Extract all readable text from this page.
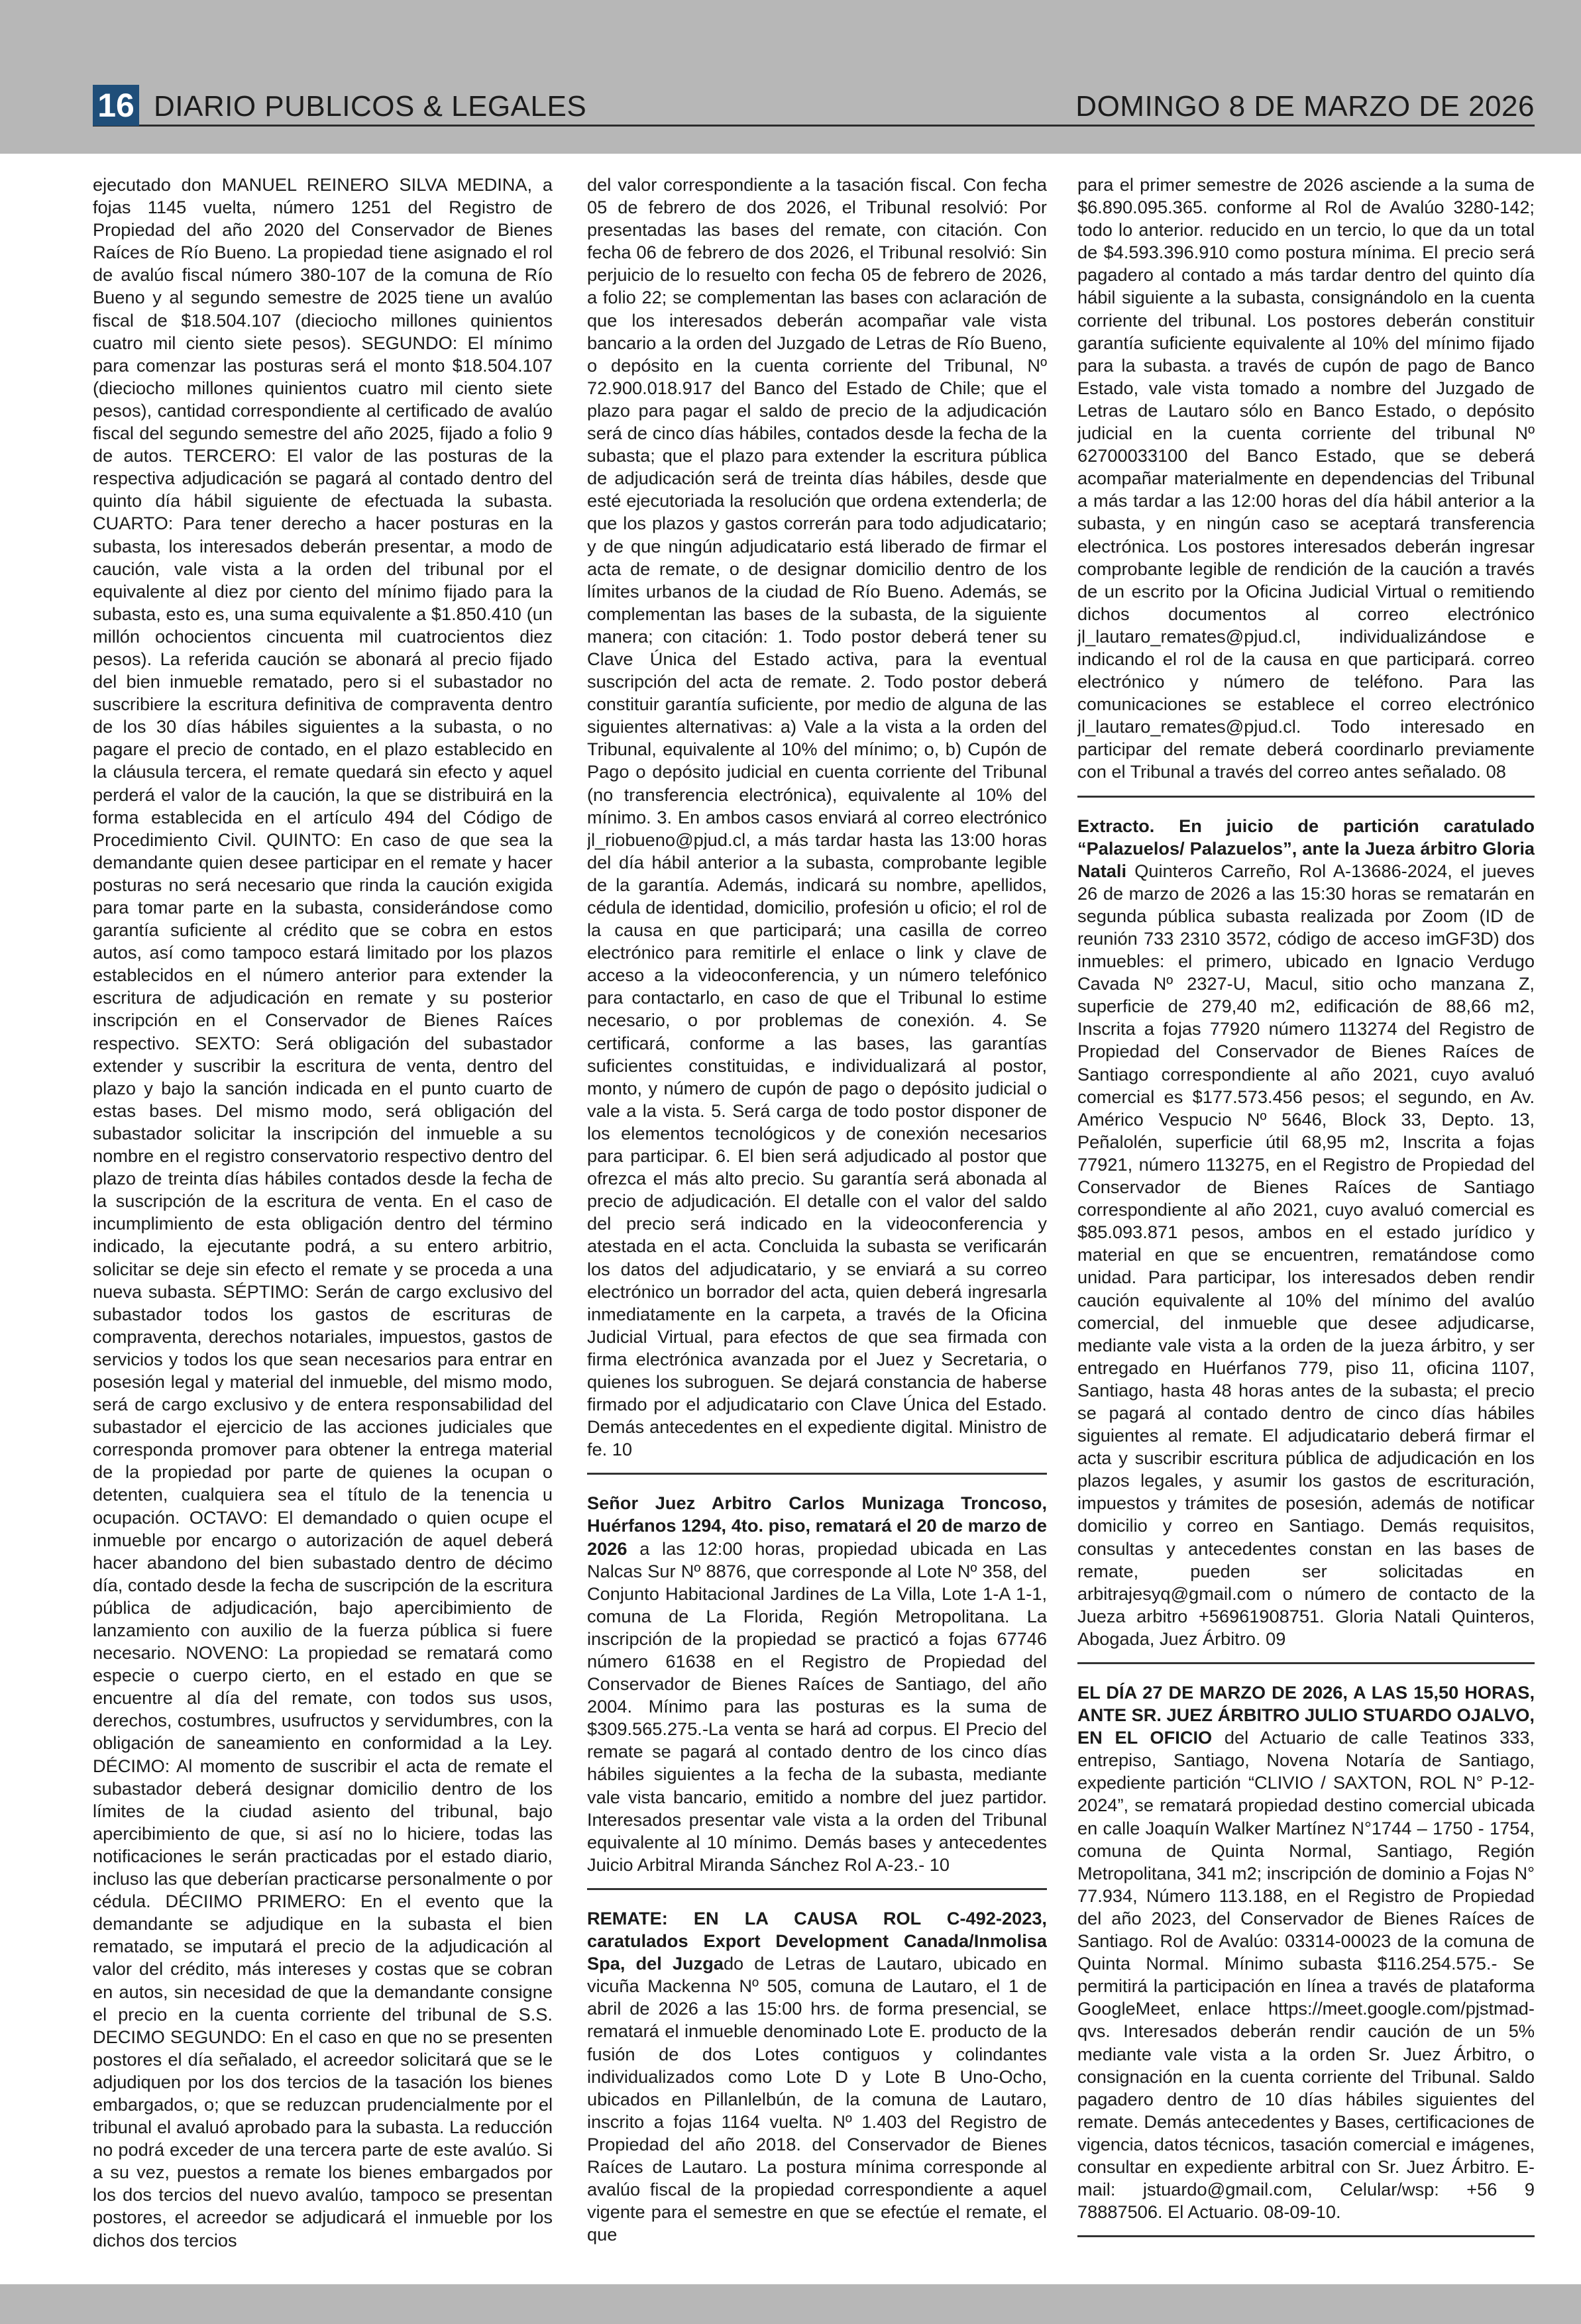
16 DIARIO PUBLICOS & LEGALES	DOMINGO 8 DE MARZO DE 2026

ejecutado don MANUEL REINERO SILVA MEDINA, a fojas 1145 vuelta, número 1251 del Registro de Propiedad del año 2020 del Conservador de Bienes Raíces de Río Bueno. La propiedad tiene asignado el rol de avalúo fiscal número 380-107 de la comuna de Río Bueno y al segundo semestre de 2025 tiene un avalúo fiscal de $18.504.107 (dieciocho millones quinientos cuatro mil ciento siete pesos). SEGUNDO: El mínimo para comenzar las posturas será el monto $18.504.107 (dieciocho millones quinientos cuatro mil ciento siete pesos), cantidad correspondiente al certificado de avalúo fiscal del segundo semestre del año 2025, fijado a folio 9 de autos. TERCERO: El valor de las posturas de la respectiva adjudicación se pagará al contado dentro del quinto día hábil siguiente de efectuada la subasta. CUARTO: Para tener derecho a hacer posturas en la subasta, los interesados deberán presentar, a modo de caución, vale vista a la orden del tribunal por el equivalente al diez por ciento del mínimo fijado para la subasta, esto es, una suma equivalente a $1.850.410 (un millón ochocientos cincuenta mil cuatrocientos diez pesos). La referida caución se abonará al precio fijado del bien inmueble rematado, pero si el subastador no suscribiere la escritura definitiva de compraventa dentro de los 30 días hábiles siguientes a la subasta, o no pagare el precio de contado, en el plazo establecido en la cláusula tercera, el remate quedará sin efecto y aquel perderá el valor de la caución, la que se distribuirá en la forma establecida en el artículo 494 del Código de Procedimiento Civil. QUINTO: En caso de que sea la demandante quien desee participar en el remate y hacer posturas no será necesario que rinda la caución exigida para tomar parte en la subasta, considerándose como garantía suficiente al crédito que se cobra en estos autos, así como tampoco estará limitado por los plazos establecidos en el número anterior para extender la escritura de adjudicación en remate y su posterior inscripción en el Conservador de Bienes Raíces respectivo. SEXTO: Será obligación del subastador extender y suscribir la escritura de venta, dentro del plazo y bajo la sanción indicada en el punto cuarto de estas bases. Del mismo modo, será obligación del subastador solicitar la inscripción del inmueble a su nombre en el registro conservatorio respectivo dentro del plazo de treinta días hábiles contados desde la fecha de la suscripción de la escritura de venta. En el caso de incumplimiento de esta obligación dentro del término indicado, la ejecutante podrá, a su entero arbitrio, solicitar se deje sin efecto el remate y se proceda a una nueva subasta. SÉPTIMO: Serán de cargo exclusivo del subastador todos los gastos de escrituras de compraventa, derechos notariales, impuestos, gastos de servicios y todos los que sean necesarios para entrar en posesión legal y material del inmueble, del mismo modo, será de cargo exclusivo y de entera responsabilidad del subastador el ejercicio de las acciones judiciales que corresponda promover para obtener la entrega material de la propiedad por parte de quienes la ocupan o detenten, cualquiera sea el título de la tenencia u ocupación. OCTAVO: El demandado o quien ocupe el inmueble por encargo o autorización de aquel deberá hacer abandono del bien subastado dentro de décimo día, contado desde la fecha de suscripción de la escritura pública de adjudicación, bajo apercibimiento de lanzamiento con auxilio de la fuerza pública si fuere necesario. NOVENO: La propiedad se rematará como especie o cuerpo cierto, en el estado en que se encuentre al día del remate, con todos sus usos, derechos, costumbres, usufructos y servidumbres, con la obligación de saneamiento en conformidad a la Ley. DÉCIMO: Al momento de suscribir el acta de remate el subastador deberá designar domicilio dentro de los límites de la ciudad asiento del tribunal, bajo apercibimiento de que, si así no lo hiciere, todas las notificaciones le serán practicadas por el estado diario, incluso las que deberían practicarse personalmente o por cédula. DÉCIIMO PRIMERO: En el evento que la demandante se adjudique en la subasta el bien rematado, se imputará el precio de la adjudicación al valor del crédito, más intereses y costas que se cobran en autos, sin necesidad de que la demandante consigne el precio en la cuenta corriente del tribunal de S.S. DECIMO SEGUNDO: En el caso en que no se presenten postores el día señalado, el acreedor solicitará que se le adjudiquen por los dos tercios de la tasación los bienes embargados, o; que se reduzcan prudencialmente por el tribunal el avaluó aprobado para la subasta. La reducción no podrá exceder de una tercera parte de este avalúo. Si a su vez, puestos a remate los bienes embargados por los dos tercios del nuevo avalúo, tampoco se presentan postores, el acreedor se adjudicará el inmueble por los dichos dos tercios

del valor correspondiente a la tasación fiscal. Con fecha 05 de febrero de dos 2026, el Tribunal resolvió: Por presentadas las bases del remate, con citación. Con fecha 06 de febrero de dos 2026, el Tribunal resolvió: Sin perjuicio de lo resuelto con fecha 05 de febrero de 2026, a folio 22; se complementan las bases con aclaración de que los interesados deberán acompañar vale vista bancario a la orden del Juzgado de Letras de Río Bueno, o depósito en la cuenta corriente del Tribunal, Nº 72.900.018.917 del Banco del Estado de Chile; que el plazo para pagar el saldo de precio de la adjudicación será de cinco días hábiles, contados desde la fecha de la subasta; que el plazo para extender la escritura pública de adjudicación será de treinta días hábiles, desde que esté ejecutoriada la resolución que ordena extenderla; de que los plazos y gastos correrán para todo adjudicatario; y de que ningún adjudicatario está liberado de firmar el acta de remate, o de designar domicilio dentro de los límites urbanos de la ciudad de Río Bueno. Además, se complementan las bases de la subasta, de la siguiente manera; con citación: 1. Todo postor deberá tener su Clave Única del Estado activa, para la eventual suscripción del acta de remate. 2. Todo postor deberá constituir garantía suficiente, por medio de alguna de las siguientes alternativas: a) Vale a la vista a la orden del Tribunal, equivalente al 10% del mínimo; o, b) Cupón de Pago o depósito judicial en cuenta corriente del Tribunal (no transferencia electrónica), equivalente al 10% del mínimo. 3. En ambos casos enviará al correo electrónico jl_riobueno@pjud.cl, a más tardar hasta las 13:00 horas del día hábil anterior a la subasta, comprobante legible de la garantía. Además, indicará su nombre, apellidos, cédula de identidad, domicilio, profesión u oficio; el rol de la causa en que participará; una casilla de correo electrónico para remitirle el enlace o link y clave de acceso a la videoconferencia, y un número telefónico para contactarlo, en caso de que el Tribunal lo estime necesario, o por problemas de conexión. 4. Se certificará, conforme a las bases, las garantías suficientes constituidas, e individualizará al postor, monto, y número de cupón de pago o depósito judicial o vale a la vista. 5. Será carga de todo postor disponer de los elementos tecnológicos y de conexión necesarios para participar. 6. El bien será adjudicado al postor que ofrezca el más alto precio. Su garantía será abonada al precio de adjudicación. El detalle con el valor del saldo del precio será indicado en la videoconferencia y atestada en el acta. Concluida la subasta se verificarán los datos del adjudicatario, y se enviará a su correo electrónico un borrador del acta, quien deberá ingresarla inmediatamente en la carpeta, a través de la Oficina Judicial Virtual, para efectos de que sea firmada con firma electrónica avanzada por el Juez y Secretaria, o quienes los subroguen. Se dejará constancia de haberse firmado por el adjudicatario con Clave Única del Estado. Demás antecedentes en el expediente digital. Ministro de fe. 10

Señor Juez Arbitro Carlos Munizaga Troncoso, Huérfanos 1294, 4to. piso, rematará el 20 de marzo de 2026 a las 12:00 horas, propiedad ubicada en Las Nalcas Sur Nº 8876, que corresponde al Lote Nº 358, del Conjunto Habitacional Jardines de La Villa, Lote 1-A 1-1, comuna de La Florida, Región Metropolitana. La inscripción de la propiedad se practicó a fojas 67746 número 61638 en el Registro de Propiedad del Conservador de Bienes Raíces de Santiago, del año 2004. Mínimo para las posturas es la suma de $309.565.275.-La venta se hará ad corpus. El Precio del remate se pagará al contado dentro de los cinco días hábiles siguientes a la fecha de la subasta, mediante vale vista bancario, emitido a nombre del juez partidor. Interesados presentar vale vista a la orden del Tribunal equivalente al 10 mínimo. Demás bases y antecedentes Juicio Arbitral Miranda Sánchez Rol A-23.- 10

REMATE: EN LA CAUSA ROL C-492-2023, caratulados Export Development Canada/Inmolisa Spa, del Juzgado de Letras de Lautaro, ubicado en vicuña Mackenna Nº 505, comuna de Lautaro, el 1 de abril de 2026 a las 15:00 hrs. de forma presencial, se rematará el inmueble denominado Lote E. producto de la fusión de dos Lotes contiguos y colindantes individualizados como Lote D y Lote B Uno-Ocho, ubicados en Pillanlelbún, de la comuna de Lautaro, inscrito a fojas 1164 vuelta. Nº 1.403 del Registro de Propiedad del año 2018. del Conservador de Bienes Raíces de Lautaro. La postura mínima corresponde al avalúo fiscal de la propiedad correspondiente a aquel vigente para el semestre en que se efectúe el remate, el que

para el primer semestre de 2026 asciende a la suma de $6.890.095.365. conforme al Rol de Avalúo 3280-142; todo lo anterior. reducido en un tercio, lo que da un total de $4.593.396.910 como postura mínima. El precio será pagadero al contado a más tardar dentro del quinto día hábil siguiente a la subasta, consignándolo en la cuenta corriente del tribunal. Los postores deberán constituir garantía suficiente equivalente al 10% del mínimo fijado para la subasta. a través de cupón de pago de Banco Estado, vale vista tomado a nombre del Juzgado de Letras de Lautaro sólo en Banco Estado, o depósito judicial en la cuenta corriente del tribunal Nº 62700033100 del Banco Estado, que se deberá acompañar materialmente en dependencias del Tribunal a más tardar a las 12:00 horas del día hábil anterior a la subasta, y en ningún caso se aceptará transferencia electrónica. Los postores interesados deberán ingresar comprobante legible de rendición de la caución a través de un escrito por la Oficina Judicial Virtual o remitiendo dichos documentos al correo electrónico jl_lautaro_remates@pjud.cl, individualizándose e indicando el rol de la causa en que participará. correo electrónico y número de teléfono. Para las comunicaciones se establece el correo electrónico jl_lautaro_remates@pjud.cl. Todo interesado en participar del remate deberá coordinarlo previamente con el Tribunal a través del correo antes señalado. 08

Extracto. En juicio de partición caratulado “Palazuelos/ Palazuelos”, ante la Jueza árbitro Gloria Natali Quinteros Carreño, Rol A-13686-2024, el jueves 26 de marzo de 2026 a las 15:30 horas se rematarán en segunda pública subasta realizada por Zoom (ID de reunión 733 2310 3572, código de acceso imGF3D) dos inmuebles: el primero, ubicado en Ignacio Verdugo Cavada Nº 2327-U, Macul, sitio ocho manzana Z, superficie de 279,40 m2, edificación de 88,66 m2, Inscrita a fojas 77920 número 113274 del Registro de Propiedad del Conservador de Bienes Raíces de Santiago correspondiente al año 2021, cuyo avaluó comercial es $177.573.456 pesos; el segundo, en Av. Américo Vespucio Nº 5646, Block 33, Depto. 13, Peñalolén, superficie útil 68,95 m2, Inscrita a fojas 77921, número 113275, en el Registro de Propiedad del Conservador de Bienes Raíces de Santiago correspondiente al año 2021, cuyo avaluó comercial es $85.093.871 pesos, ambos en el estado jurídico y material en que se encuentren, rematándose como unidad. Para participar, los interesados deben rendir caución equivalente al 10% del mínimo del avalúo comercial, del inmueble que desee adjudicarse, mediante vale vista a la orden de la jueza árbitro, y ser entregado en Huérfanos 779, piso 11, oficina 1107, Santiago, hasta 48 horas antes de la subasta; el precio se pagará al contado dentro de cinco días hábiles siguientes al remate. El adjudicatario deberá firmar el acta y suscribir escritura pública de adjudicación en los plazos legales, y asumir los gastos de escrituración, impuestos y trámites de posesión, además de notificar domicilio y correo en Santiago. Demás requisitos, consultas y antecedentes constan en las bases de remate, pueden ser solicitadas en arbitrajesyq@gmail.com o número de contacto de la Jueza arbitro +56961908751. Gloria Natali Quinteros, Abogada, Juez Árbitro. 09

EL DÍA 27 DE MARZO DE 2026, A LAS 15,50 HORAS, ANTE SR. JUEZ ÁRBITRO JULIO STUARDO OJALVO, EN EL OFICIO del Actuario de calle Teatinos 333, entrepiso, Santiago, Novena Notaría de Santiago, expediente partición “CLIVIO / SAXTON, ROL N° P-12-2024”, se rematará propiedad destino comercial ubicada en calle Joaquín Walker Martínez N°1744 – 1750 - 1754, comuna de Quinta Normal, Santiago, Región Metropolitana, 341 m2; inscripción de dominio a Fojas N° 77.934, Número 113.188, en el Registro de Propiedad del año 2023, del Conservador de Bienes Raíces de Santiago. Rol de Avalúo: 03314-00023 de la comuna de Quinta Normal. Mínimo subasta $116.254.575.- Se permitirá la participación en línea a través de plataforma GoogleMeet, enlace https://meet.google.com/pjstmad-qvs. Interesados deberán rendir caución de un 5% mediante vale vista a la orden Sr. Juez Árbitro, o consignación en la cuenta corriente del Tribunal. Saldo pagadero dentro de 10 días hábiles siguientes del remate. Demás antecedentes y Bases, certificaciones de vigencia, datos técnicos, tasación comercial e imágenes, consultar en expediente arbitral con Sr. Juez Árbitro. E-mail: jstuardo@gmail.com, Celular/wsp: +56 9 78887506. El Actuario. 08-09-10.
